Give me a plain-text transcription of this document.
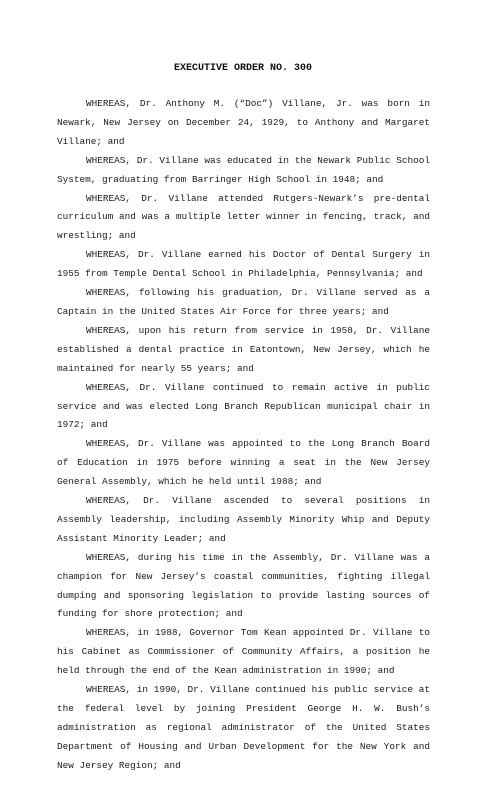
EXECUTIVE ORDER NO. 300

WHEREAS, Dr. Anthony M. (“Doc”) Villane, Jr. was born in Newark, New Jersey on December 24, 1929, to Anthony and Margaret Villane; and

WHEREAS, Dr. Villane was educated in the Newark Public School System, graduating from Barringer High School in 1948; and

WHEREAS, Dr. Villane attended Rutgers-Newark’s pre-dental curriculum and was a multiple letter winner in fencing, track, and wrestling; and

WHEREAS, Dr. Villane earned his Doctor of Dental Surgery in 1955 from Temple Dental School in Philadelphia, Pennsylvania; and

WHEREAS, following his graduation, Dr. Villane served as a Captain in the United States Air Force for three years; and

WHEREAS, upon his return from service in 1958, Dr. Villane established a dental practice in Eatontown, New Jersey, which he maintained for nearly 55 years; and

WHEREAS, Dr. Villane continued to remain active in public service and was elected Long Branch Republican municipal chair in 1972; and

WHEREAS, Dr. Villane was appointed to the Long Branch Board of Education in 1975 before winning a seat in the New Jersey General Assembly, which he held until 1988; and

WHEREAS, Dr. Villane ascended to several positions in Assembly leadership, including Assembly Minority Whip and Deputy Assistant Minority Leader; and

WHEREAS, during his time in the Assembly, Dr. Villane was a champion for New Jersey’s coastal communities, fighting illegal dumping and sponsoring legislation to provide lasting sources of funding for shore protection; and

WHEREAS, in 1988, Governor Tom Kean appointed Dr. Villane to his Cabinet as Commissioner of Community Affairs, a position he held through the end of the Kean administration in 1990; and

WHEREAS, in 1990, Dr. Villane continued his public service at the federal level by joining President George H. W. Bush’s administration as regional administrator of the United States Department of Housing and Urban Development for the New York and New Jersey Region; and
